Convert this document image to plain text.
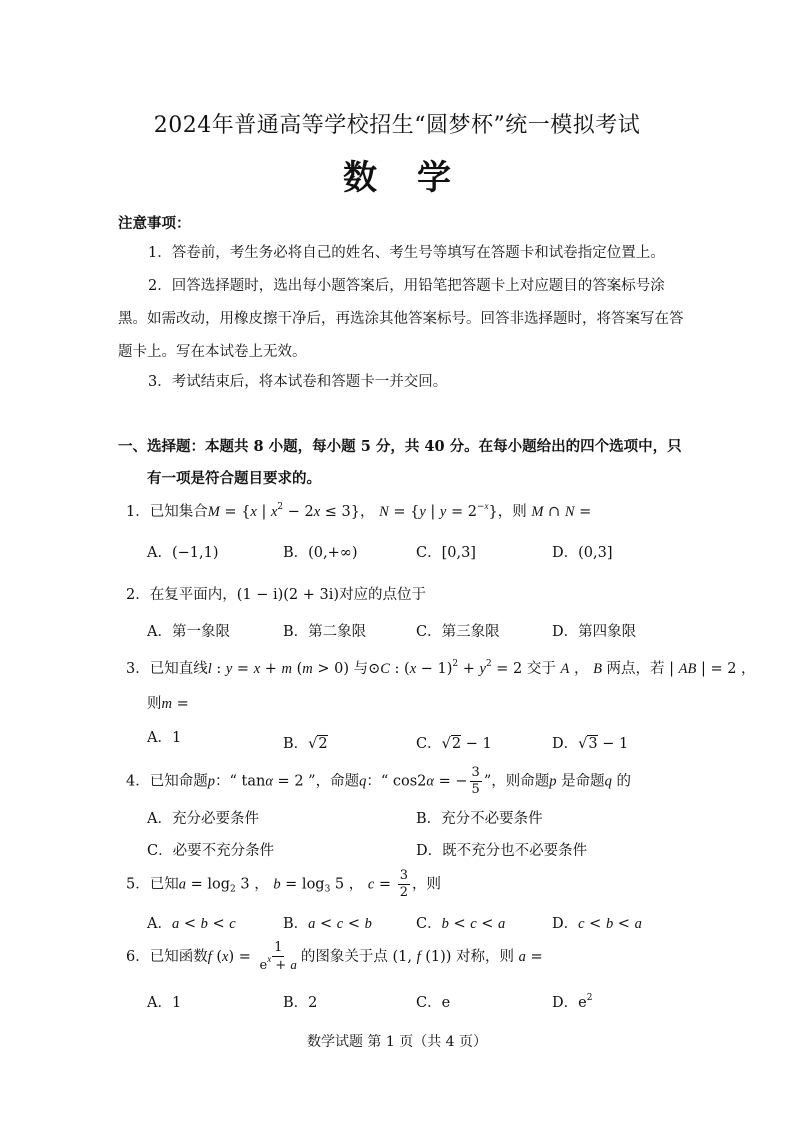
2024年普通高等学校招生“圆梦杯”统一模拟考试
数 学
注意事项：
1．答卷前，考生务必将自己的姓名、考生号等填写在答题卡和试卷指定位置上。
2．回答选择题时，选出每小题答案后，用铅笔把答题卡上对应题目的答案标号涂黑。如需改动，用橡皮擦干净后，再选涂其他答案标号。回答非选择题时，将答案写在答题卡上。写在本试卷上无效。
3．考试结束后，将本试卷和答题卡一并交回。
一、选择题：本题共 8 小题，每小题 5 分，共 40 分。在每小题给出的四个选项中，只
有一项是符合题目要求的。
1．已知集合M = {x | $x^2 - 2x \le 3$}， N = {y | $y = 2^{-x}$}，则 M ∩ N =
A．(−1,1)	B．(0,+∞)	C．[0,3]	D．(0,3]
2．在复平面内，(1 − i)(2 + 3i)对应的点位于
A．第一象限	B．第二象限	C．第三象限	D．第四象限
3．已知直线l : y = x + m (m > 0) 与⊙C : $(x - 1)^2 + y^2 = 2$ 交于 A ， B 两点，若 | AB | = 2 ，
则m =
A．1	B．√2	C．√2 − 1	D．√3 − 1
4．已知命题p：“ tanα = 2 ”，命题q：“ cos2α = − $\frac{3}{5}$ ”，则命题p 是命题q 的
A．充分必要条件	B．充分不必要条件
C．必要不充分条件	D．既不充分也不必要条件
5．已知$a = \log_2 3$ ， $b = \log_3 5$ ， $c = \frac{3}{2}$ ，则
A．a < b < c	B．a < c < b	C．b < c < a	D．c < b < a
6．已知函数f $(x) = \frac{1}{e^x + a}$ 的图象关于点 (1, f (1)) 对称，则 a =
A．1	B．2	C．e	D．$e^2$
数学试题 第 1 页（共 4 页）
